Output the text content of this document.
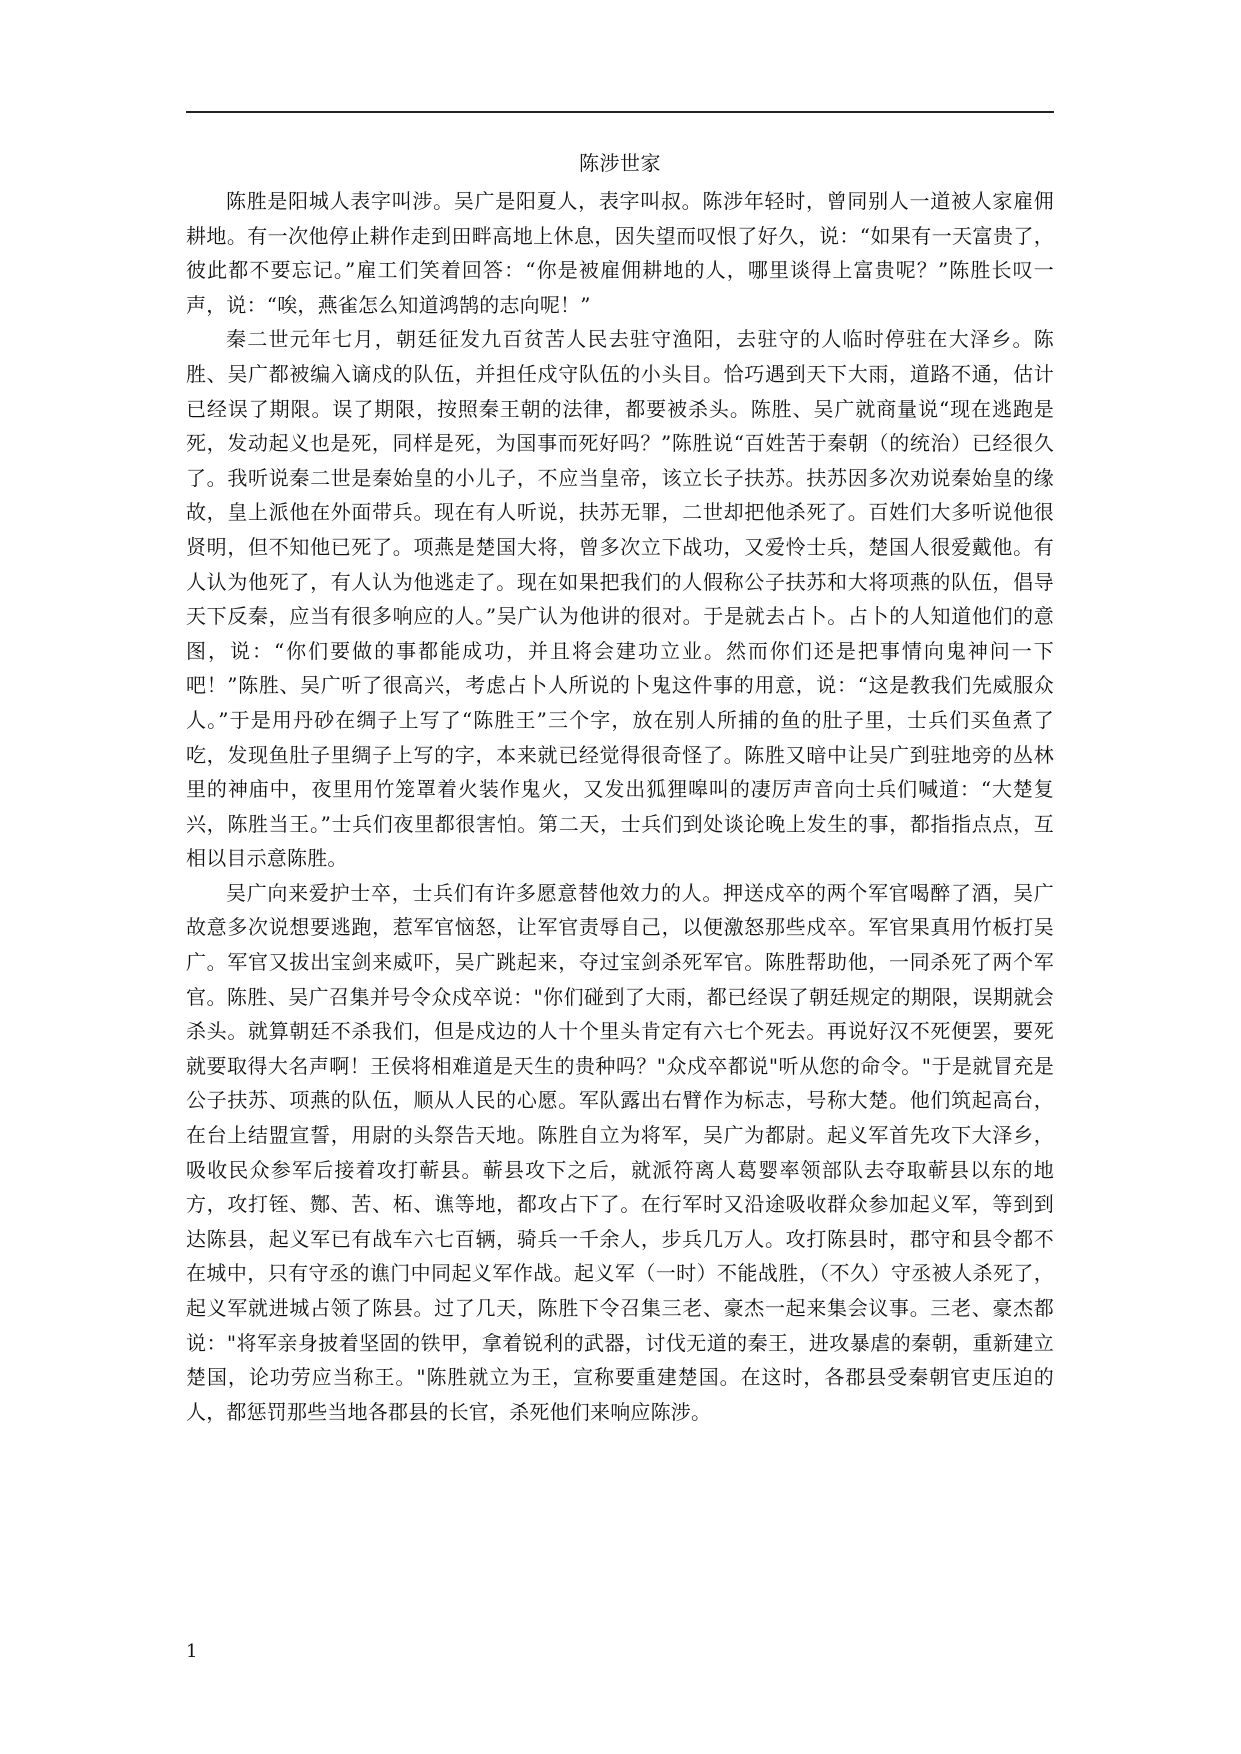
陈涉世家

陈胜是阳城人表字叫涉。吴广是阳夏人，表字叫叔。陈涉年轻时，曾同别人一道被人家雇佣耕地。有一次他停止耕作走到田畔高地上休息，因失望而叹恨了好久，说：“如果有一天富贵了，彼此都不要忘记。”雇工们笑着回答：“你是被雇佣耕地的人，哪里谈得上富贵呢？”陈胜长叹一声，说：“唉，燕雀怎么知道鸿鹄的志向呢！”

秦二世元年七月，朝廷征发九百贫苦人民去驻守渔阳，去驻守的人临时停驻在大泽乡。陈胜、吴广都被编入谪戍的队伍，并担任戍守队伍的小头目。恰巧遇到天下大雨，道路不通，估计已经误了期限。误了期限，按照秦王朝的法律，都要被杀头。陈胜、吴广就商量说“现在逃跑是死，发动起义也是死，同样是死，为国事而死好吗？”陈胜说“百姓苦于秦朝（的统治）已经很久了。我听说秦二世是秦始皇的小儿子，不应当皇帝，该立长子扶苏。扶苏因多次劝说秦始皇的缘故，皇上派他在外面带兵。现在有人听说，扶苏无罪，二世却把他杀死了。百姓们大多听说他很贤明，但不知他已死了。项燕是楚国大将，曾多次立下战功，又爱怜士兵，楚国人很爱戴他。有人认为他死了，有人认为他逃走了。现在如果把我们的人假称公子扶苏和大将项燕的队伍，倡导天下反秦，应当有很多响应的人。”吴广认为他讲的很对。于是就去占卜。占卜的人知道他们的意图，说：“你们要做的事都能成功，并且将会建功立业。然而你们还是把事情向鬼神问一下吧！”陈胜、吴广听了很高兴，考虑占卜人所说的卜鬼这件事的用意，说：“这是教我们先威服众人。”于是用丹砂在绸子上写了“陈胜王”三个字，放在别人所捕的鱼的肚子里，士兵们买鱼煮了吃，发现鱼肚子里绸子上写的字，本来就已经觉得很奇怪了。陈胜又暗中让吴广到驻地旁的丛林里的神庙中，夜里用竹笼罩着火装作鬼火，又发出狐狸嗥叫的凄厉声音向士兵们喊道：“大楚复兴，陈胜当王。”士兵们夜里都很害怕。第二天，士兵们到处谈论晚上发生的事，都指指点点，互相以目示意陈胜。

吴广向来爱护士卒，士兵们有许多愿意替他效力的人。押送戍卒的两个军官喝醉了酒，吴广故意多次说想要逃跑，惹军官恼怒，让军官责辱自己，以便激怒那些戍卒。军官果真用竹板打吴广。军官又拔出宝剑来威吓，吴广跳起来，夺过宝剑杀死军官。陈胜帮助他，一同杀死了两个军官。陈胜、吴广召集并号令众戍卒说："你们碰到了大雨，都已经误了朝廷规定的期限，误期就会杀头。就算朝廷不杀我们，但是戍边的人十个里头肯定有六七个死去。再说好汉不死便罢，要死就要取得大名声啊！王侯将相难道是天生的贵种吗？"众戍卒都说"听从您的命令。"于是就冒充是公子扶苏、项燕的队伍，顺从人民的心愿。军队露出右臂作为标志，号称大楚。他们筑起高台，在台上结盟宣誓，用尉的头祭告天地。陈胜自立为将军，吴广为都尉。起义军首先攻下大泽乡，吸收民众参军后接着攻打蕲县。蕲县攻下之后，就派符离人葛婴率领部队去夺取蕲县以东的地方，攻打铚、酂、苦、柘、谯等地，都攻占下了。在行军时又沿途吸收群众参加起义军，等到到达陈县，起义军已有战车六七百辆，骑兵一千余人，步兵几万人。攻打陈县时，郡守和县令都不在城中，只有守丞的谯门中同起义军作战。起义军（一时）不能战胜，（不久）守丞被人杀死了，起义军就进城占领了陈县。过了几天，陈胜下令召集三老、豪杰一起来集会议事。三老、豪杰都说："将军亲身披着坚固的铁甲，拿着锐利的武器，讨伐无道的秦王，进攻暴虐的秦朝，重新建立楚国，论功劳应当称王。"陈胜就立为王，宣称要重建楚国。在这时，各郡县受秦朝官吏压迫的人，都惩罚那些当地各郡县的长官，杀死他们来响应陈涉。

1
